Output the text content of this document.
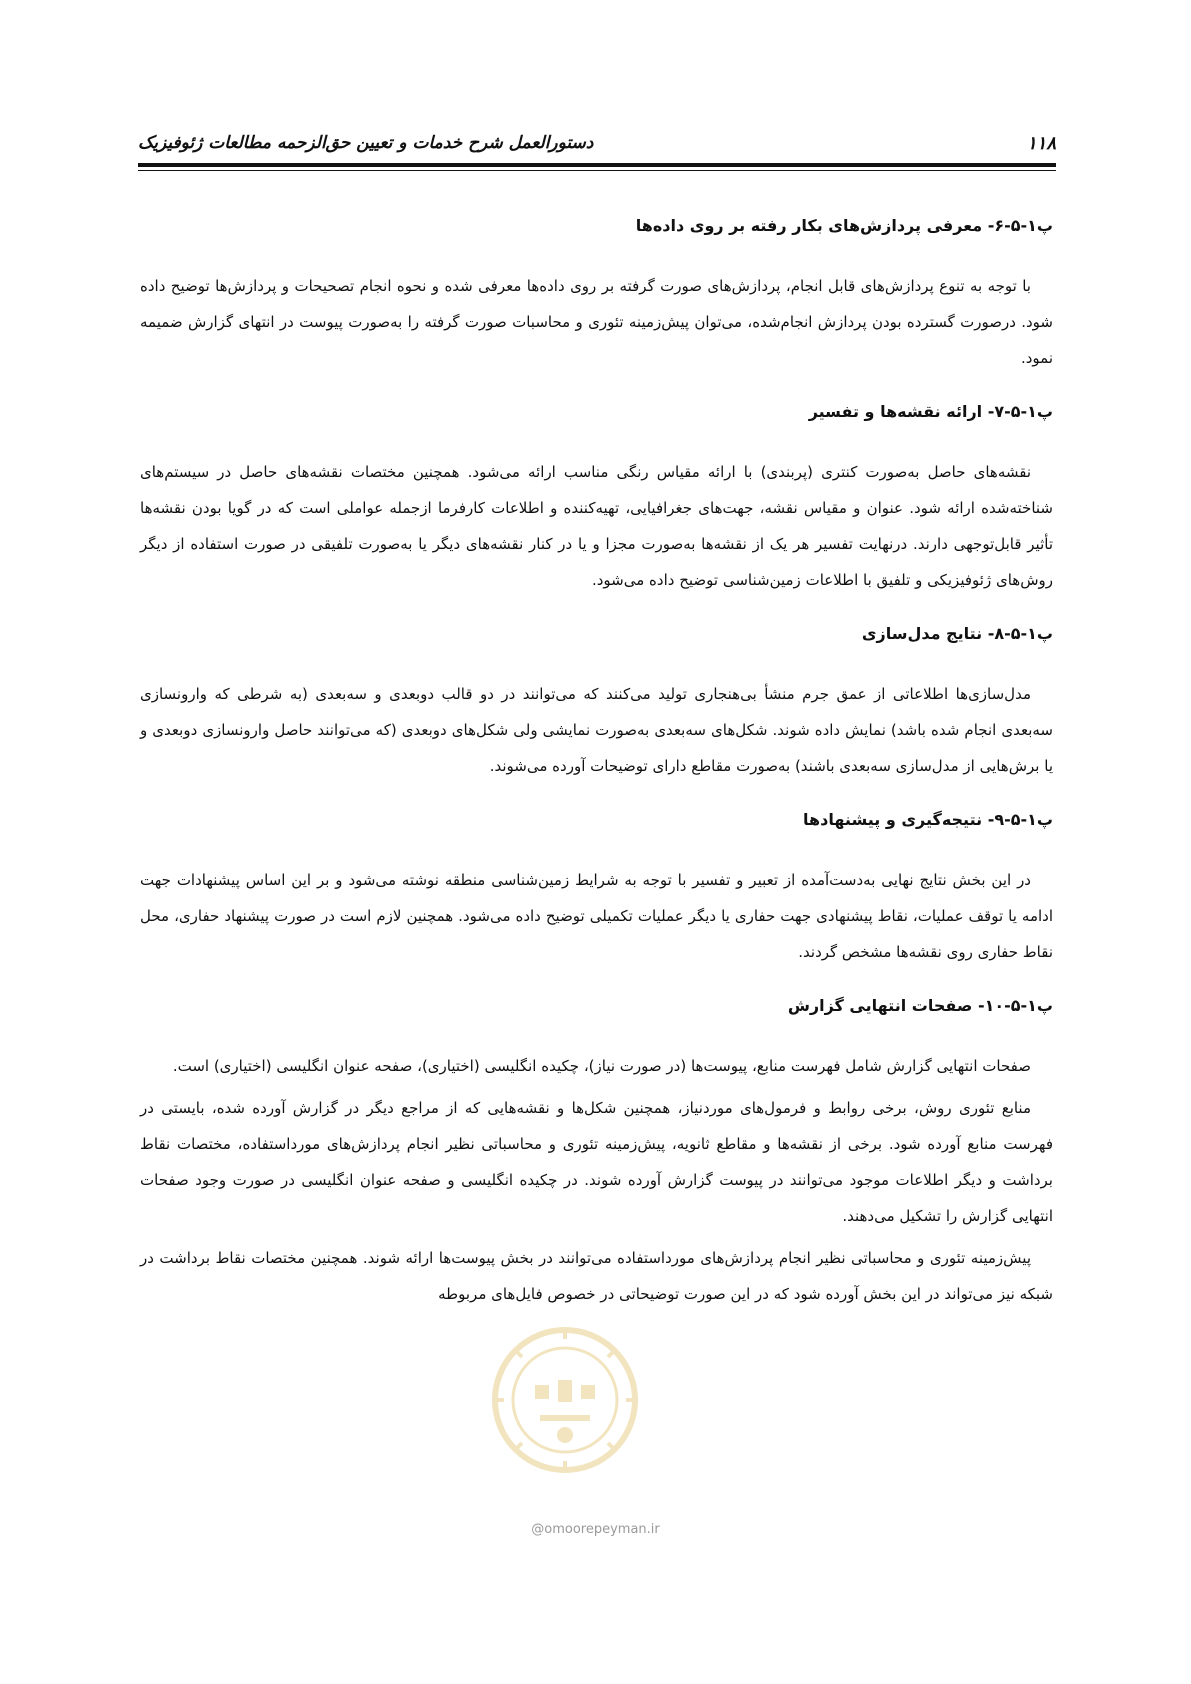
۱۱۸
دستورالعمل شرح خدمات و تعیین حق‌الزحمه مطالعات ژئوفیزیک
پ۱-۵-۶- معرفی پردازش‌های بکار رفته بر روی داده‌ها

با توجه به تنوع پردازش‌های قابل انجام، پردازش‌های صورت گرفته بر روی داده‌ها معرفی شده و نحوه انجام تصحیحات و پردازش‌ها توضیح داده شود. درصورت گسترده بودن پردازش انجام‌شده، می‌توان پیش‌زمینه تئوری و محاسبات صورت گرفته را به‌صورت پیوست در انتهای گزارش ضمیمه نمود.

پ۱-۵-۷- ارائه نقشه‌ها و تفسیر

نقشه‌های حاصل به‌صورت کنتری (پربندی) با ارائه مقیاس رنگی مناسب ارائه می‌شود. همچنین مختصات نقشه‌های حاصل در سیستم‌های شناخته‌شده ارائه شود. عنوان و مقیاس نقشه، جهت‌های جغرافیایی، تهیه‌کننده و اطلاعات کارفرما ازجمله عواملی است که در گویا بودن نقشه‌ها تأثیر قابل‌توجهی دارند. درنهایت تفسیر هر یک از نقشه‌ها به‌صورت مجزا و یا در کنار نقشه‌های دیگر یا به‌صورت تلفیقی در صورت استفاده از دیگر روش‌های ژئوفیزیکی و تلفیق با اطلاعات زمین‌شناسی توضیح داده می‌شود.

پ۱-۵-۸- نتایج مدل‌سازی

مدل‌سازی‌ها اطلاعاتی از عمق جرم منشأ بی‌هنجاری تولید می‌کنند که می‌توانند در دو قالب دوبعدی و سه‌بعدی (به شرطی که وارونسازی سه‌بعدی انجام شده باشد) نمایش داده شوند. شکل‌های سه‌بعدی به‌صورت نمایشی ولی شکل‌های دوبعدی (که می‌توانند حاصل وارونسازی دوبعدی و یا برش‌هایی از مدل‌سازی سه‌بعدی باشند) به‌صورت مقاطع دارای توضیحات آورده می‌شوند.

پ۱-۵-۹- نتیجه‌گیری و پیشنهادها

در این بخش نتایج نهایی به‌دست‌آمده از تعبیر و تفسیر با توجه به شرایط زمین‌شناسی منطقه نوشته می‌شود و بر این اساس پیشنهادات جهت ادامه یا توقف عملیات، نقاط پیشنهادی جهت حفاری یا دیگر عملیات تکمیلی توضیح داده می‌شود. همچنین لازم است در صورت پیشنهاد حفاری، محل نقاط حفاری روی نقشه‌ها مشخص گردند.

پ۱-۵-۱۰- صفحات انتهایی گزارش

صفحات انتهایی گزارش شامل فهرست منابع، پیوست‌ها (در صورت نیاز)، چکیده انگلیسی (اختیاری)، صفحه عنوان انگلیسی (اختیاری) است.

منابع تئوری روش، برخی روابط و فرمول‌های موردنیاز، همچنین شکل‌ها و نقشه‌هایی که از مراجع دیگر در گزارش آورده شده، بایستی در فهرست منابع آورده شود. برخی از نقشه‌ها و مقاطع ثانویه، پیش‌زمینه تئوری و محاسباتی نظیر انجام پردازش‌های مورداستفاده، مختصات نقاط برداشت و دیگر اطلاعات موجود می‌توانند در پیوست گزارش آورده شوند. در چکیده انگلیسی و صفحه عنوان انگلیسی در صورت وجود صفحات انتهایی گزارش را تشکیل می‌دهند.

پیش‌زمینه تئوری و محاسباتی نظیر انجام پردازش‌های مورداستفاده می‌توانند در بخش پیوست‌ها ارائه شوند. همچنین مختصات نقاط برداشت در شبکه نیز می‌تواند در این بخش آورده شود که در این صورت توضیحاتی در خصوص فایل‌های مربوطه

@omoorepeyman.ir
